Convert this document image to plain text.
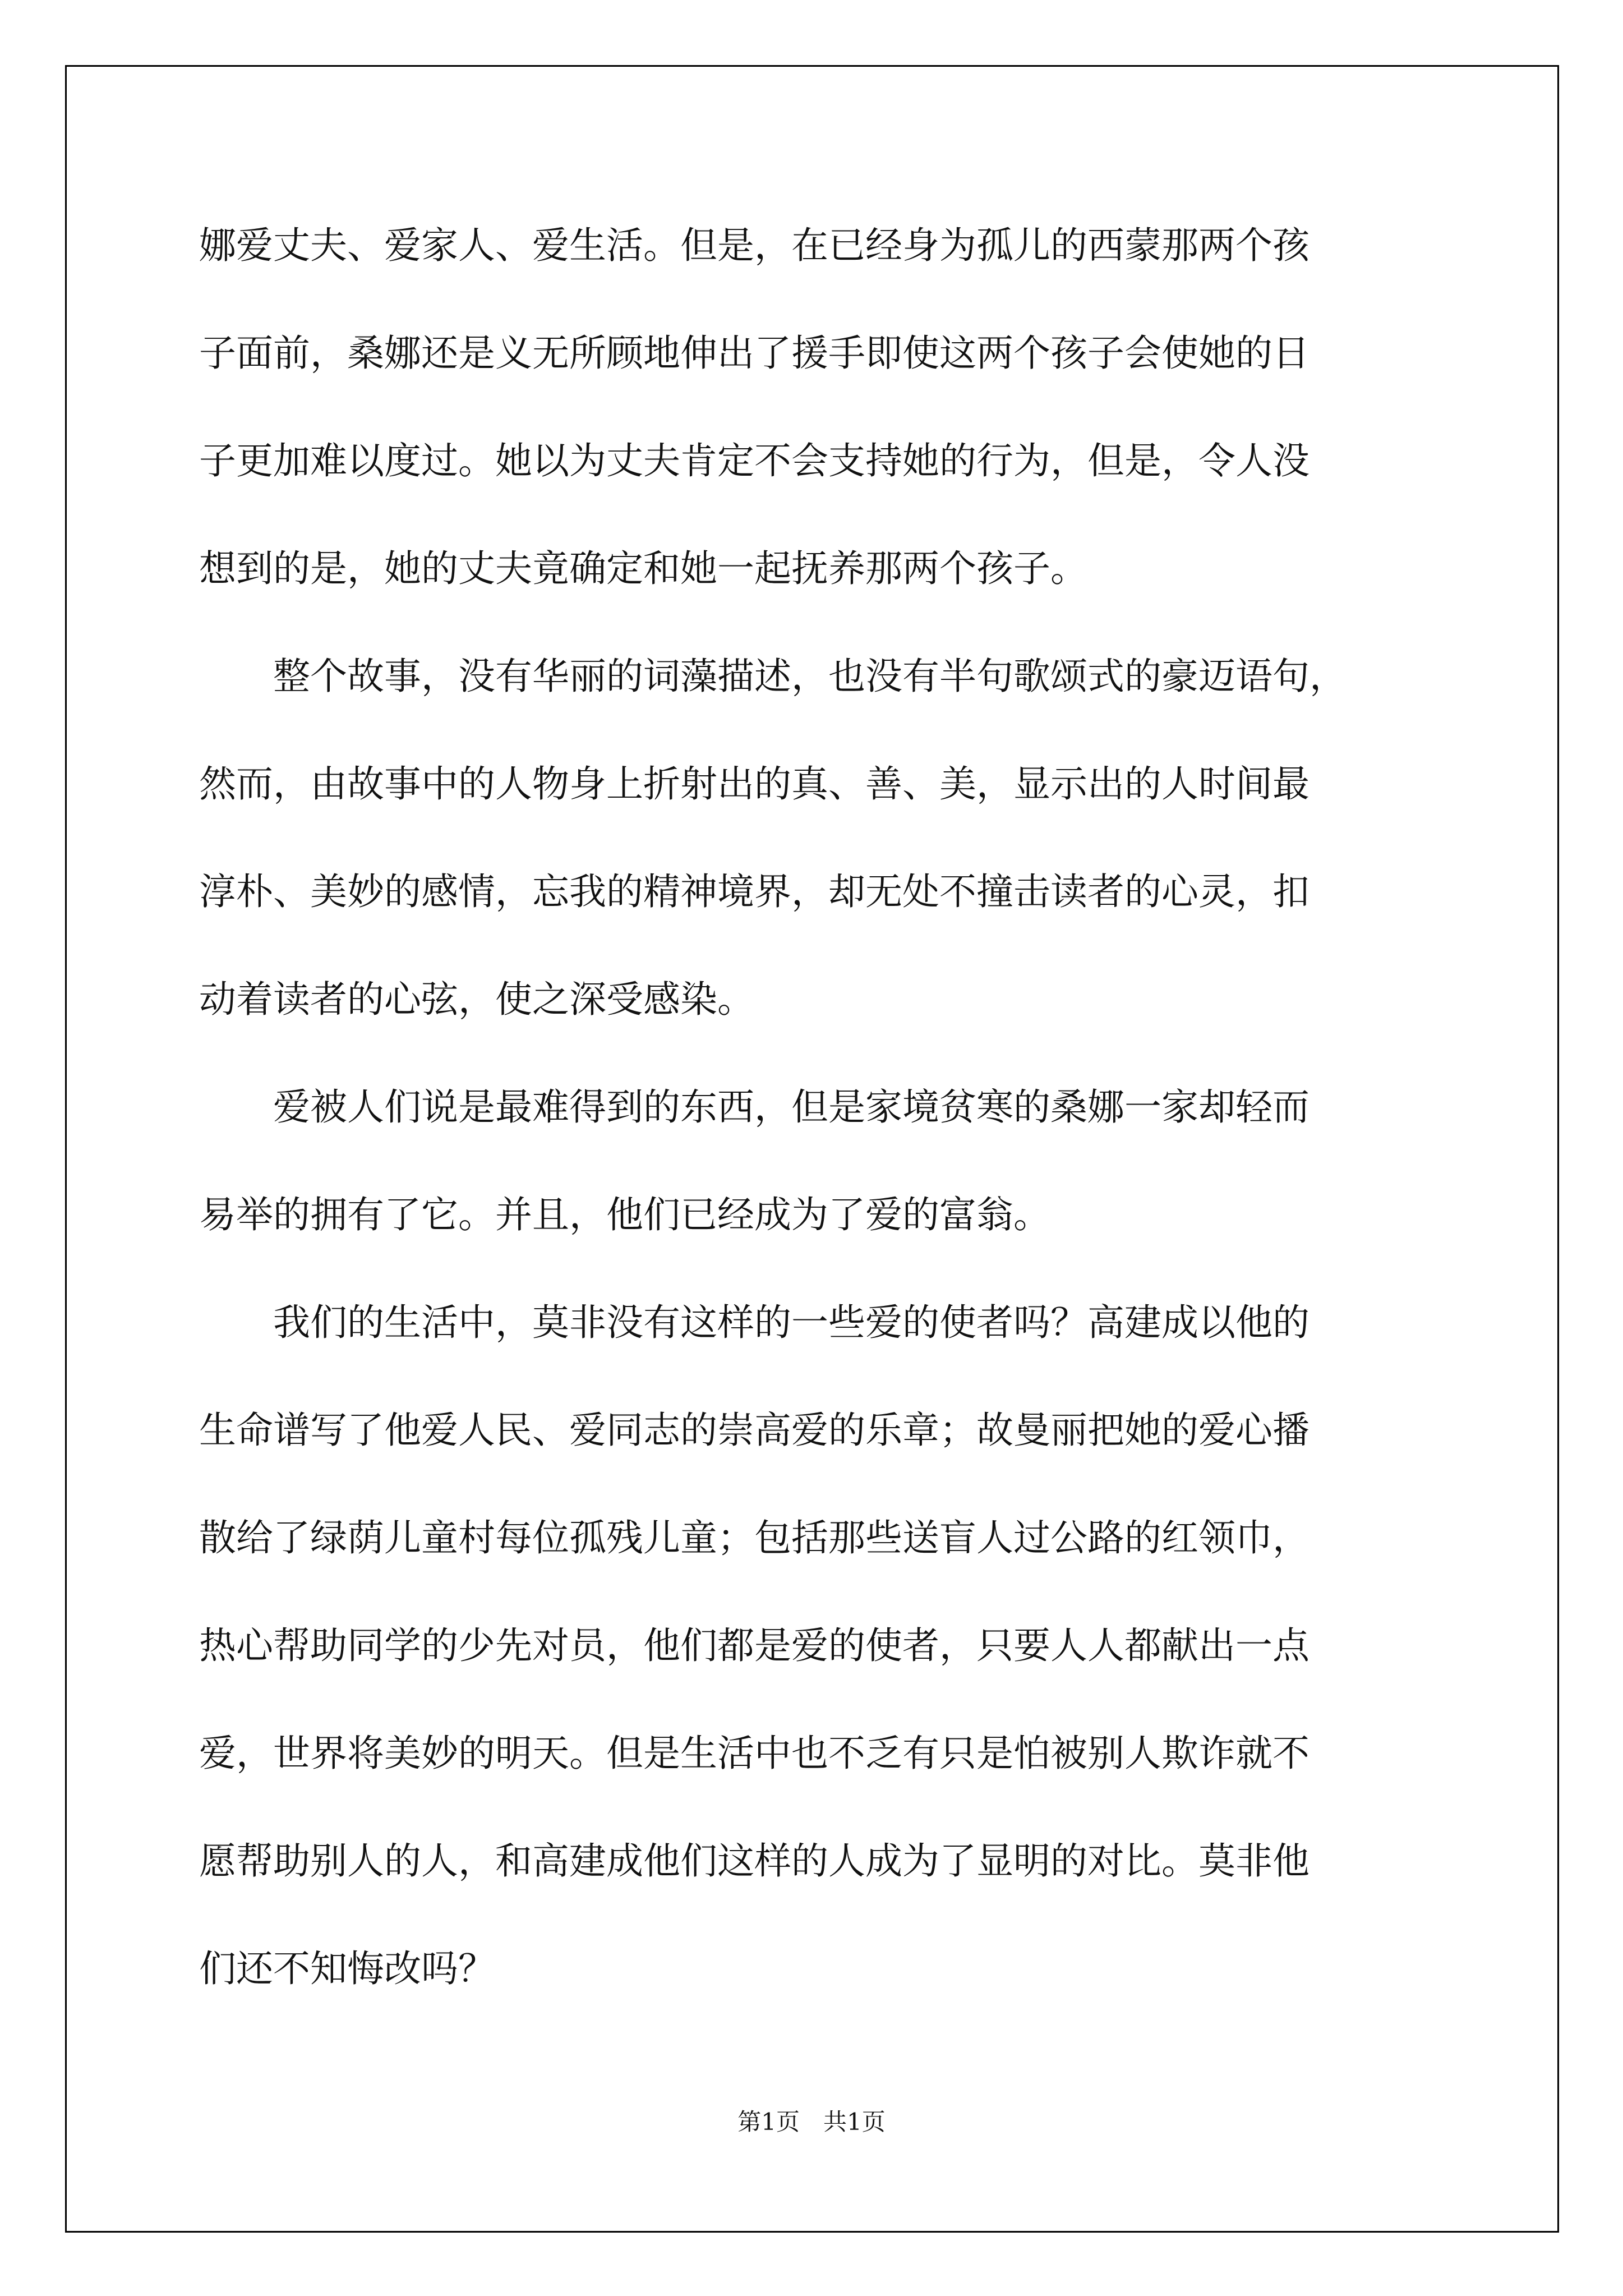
娜爱丈夫、爱家人、爱生活。但是，在已经身为孤儿的西蒙那两个孩
子面前，桑娜还是义无所顾地伸出了援手即使这两个孩子会使她的日
子更加难以度过。她以为丈夫肯定不会支持她的行为，但是，令人没
想到的是，她的丈夫竟确定和她一起抚养那两个孩子。
整个故事，没有华丽的词藻描述，也没有半句歌颂式的豪迈语句，
然而，由故事中的人物身上折射出的真、善、美，显示出的人时间最
淳朴、美妙的感情，忘我的精神境界，却无处不撞击读者的心灵，扣
动着读者的心弦，使之深受感染。
爱被人们说是最难得到的东西，但是家境贫寒的桑娜一家却轻而
易举的拥有了它。并且，他们已经成为了爱的富翁。
我们的生活中，莫非没有这样的一些爱的使者吗？高建成以他的
生命谱写了他爱人民、爱同志的崇高爱的乐章；故曼丽把她的爱心播
散给了绿荫儿童村每位孤残儿童；包括那些送盲人过公路的红领巾，
热心帮助同学的少先对员，他们都是爱的使者，只要人人都献出一点
爱，世界将美妙的明天。但是生活中也不乏有只是怕被别人欺诈就不
愿帮助别人的人，和高建成他们这样的人成为了显明的对比。莫非他
们还不知悔改吗？
第1页　共1页
